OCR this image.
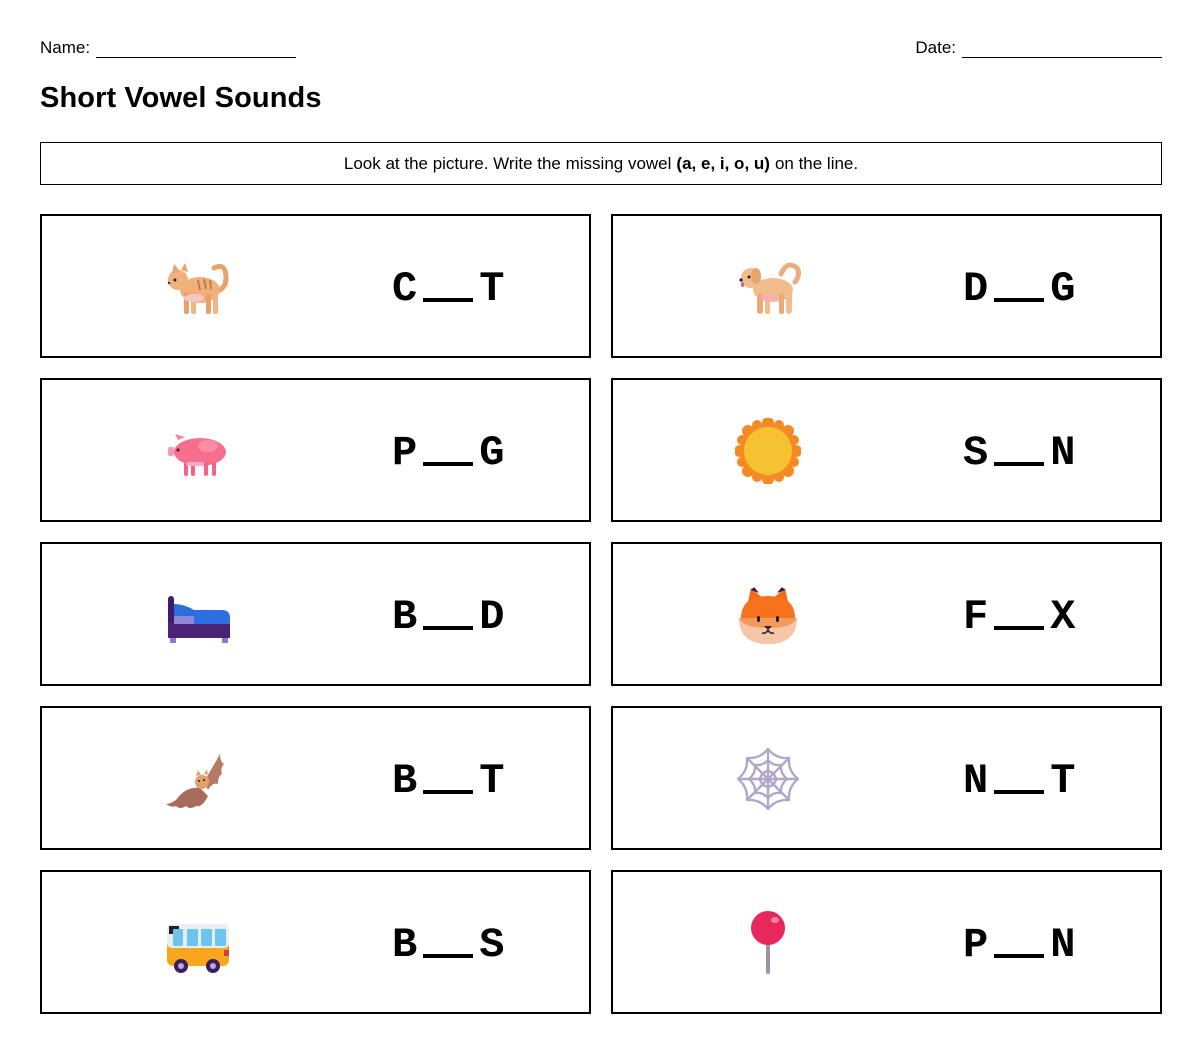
Name:	Date:
Short Vowel Sounds
Look at the picture. Write the missing vowel (a, e, i, o, u) on the line.
C T	D G
P G	S N
B D	F X
B T	N T
B S	P N
